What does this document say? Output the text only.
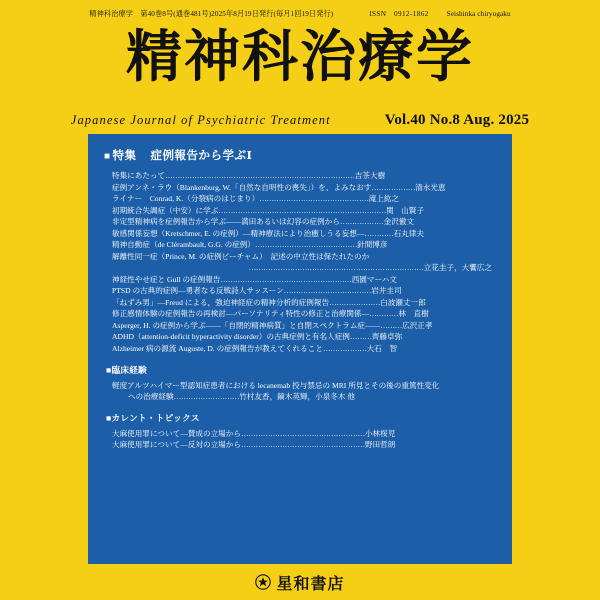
精神科治療学　第40巻8号(通巻481号)2025年8月19日発行(毎月1回19日発行)	ISSN　0912-1862 Seishinka chiryogaku
精神科治療学
Japanese Journal of Psychiatric Treatment	Vol.40 No.8 Aug. 2025
■ 特集 症例報告から学ぶⅠ
特集にあたって……………………………………………………………………吉茶大樹
症例アンネ・ラウ（Blankenburg, W.「自然な自明性の喪失」）を、よみなおす………………清水光恵
ライナー　Conrad, K.（分裂病のはじまり）………………………………………滝上紘之
初期統合失調症（中安）に学ぶ……………………………………………………………関　山賢子
非定型精神病を症例報告から学ぶ――満田あるいは幻容の症例から………………金沢徹文
敏感関係妄想（Kretschmer, E. の症例）―精神療法により治癒しうる妄想―…………石丸律夫
精神自動症（de Clérambault, G.G. の症例）……………………………………針間博彦
解離性同一症（Prince, M. の症例ビーチャム）　記述の中立性は保たれたのか
………………………………………………………………立花圭子，大饗広之
神経性やせ症と Gull の症例報告………………………………………………西園マーハ文
PTSD の古典的症例―勇者なる反戦詩人サッスーン………………………………岩井圭司
「ねずみ男」―Freud による，強迫神経症の精神分析的症例報告…………………白波瀬丈一郎
修正感情体験の症例報告の再検討―パーソナリティ特性の修正と治療関係―…………林　直樹
Asperger, H. の症例から学ぶ――「自閉的精神病質」と自閉スペクトラム症――………広沢正孝
ADHD（attention-deficit hyperactivity disorder）の古典症例と有名人症例………齊藤卓弥
Alzheimer 病の源流 Auguste, D. の症例報告が教えてくれること………………大石　智
■臨床経験
軽度アルツハイマー型認知症患者における lecanemab 投与禁忌の MRI 所見とその後の重篤性変化
への治療経験………………………竹村友香，鏑木英輝，小泉冬木 他
■カレント・トピックス
大麻使用罪について―賛成の立場から……………………………………………小林桜児
大麻使用罪について―反対の立場から……………………………………………野田哲朗
星和書店
